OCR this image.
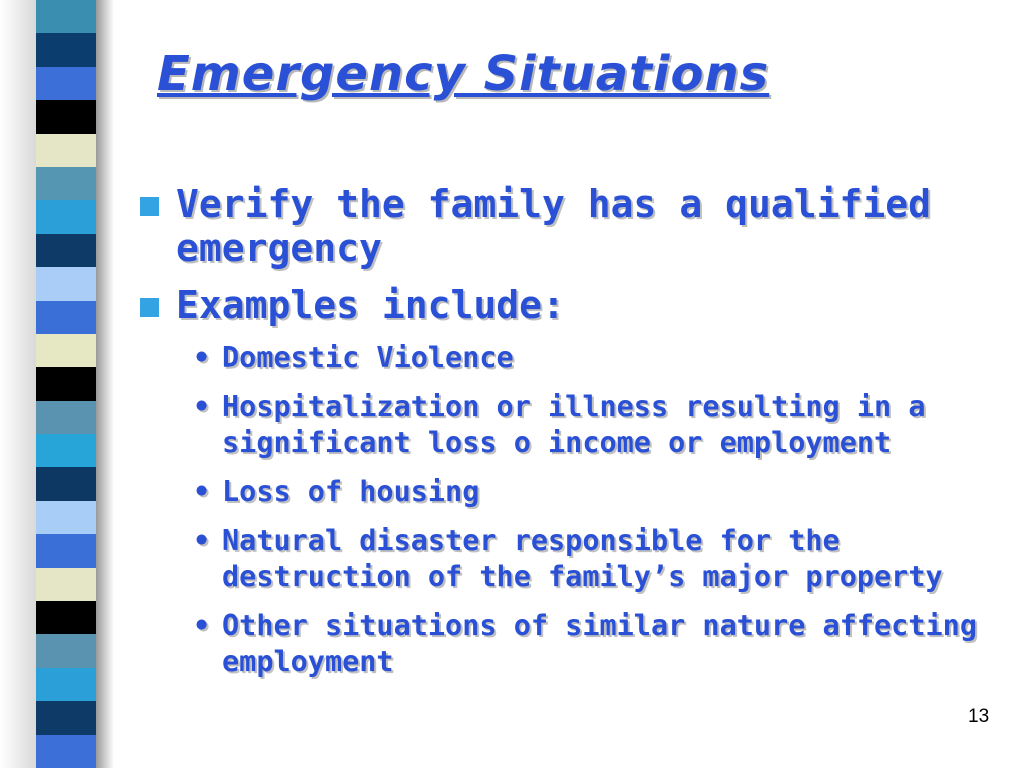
Emergency Situations
Verify the family has a qualified emergency
Examples include:
• Domestic Violence
• Hospitalization or illness resulting in a significant loss o income or employment
• Loss of housing
• Natural disaster responsible for the destruction of the family’s major property
• Other situations of similar nature affecting employment
13
